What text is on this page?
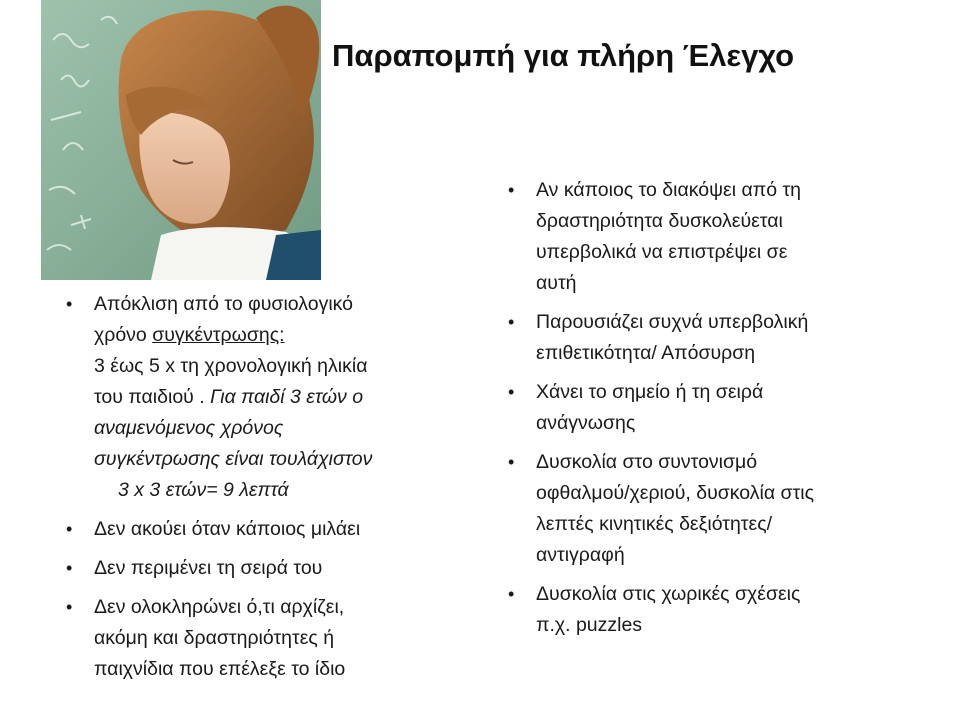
Παραπομπή για πλήρη Έλεγχο
• Απόκλιση από το φυσιολογικό
χρόνο συγκέντρωσης:
3 έως 5 x τη χρονολογική ηλικία
του παιδιού . Για παιδί 3 ετών ο
αναμενόμενος χρόνος
συγκέντρωσης είναι τουλάχιστον
3 x 3 ετών= 9 λεπτά
• Δεν ακούει όταν κάποιος μιλάει
• Δεν περιμένει τη σειρά του
• Δεν ολοκληρώνει ό,τι αρχίζει,
ακόμη και δραστηριότητες ή
παιχνίδια που επέλεξε το ίδιο
• Αν κάποιος το διακόψει από τη
δραστηριότητα δυσκολεύεται
υπερβολικά να επιστρέψει σε
αυτή
• Παρουσιάζει συχνά υπερβολική
επιθετικότητα/ Απόσυρση
• Χάνει το σημείο ή τη σειρά
ανάγνωσης
• Δυσκολία στο συντονισμό
οφθαλμού/χεριού, δυσκολία στις
λεπτές κινητικές δεξιότητες/
αντιγραφή
• Δυσκολία στις χωρικές σχέσεις
π.χ. puzzles
